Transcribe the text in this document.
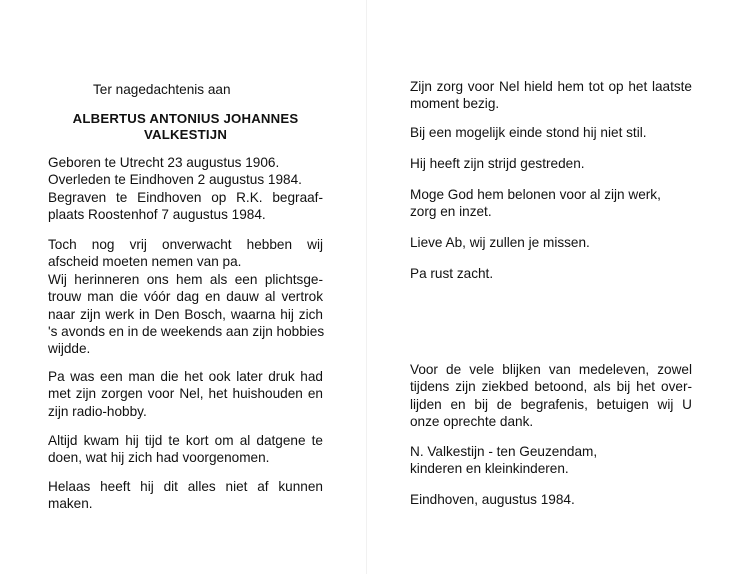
Ter nagedachtenis aan

ALBERTUS ANTONIUS JOHANNES
VALKESTIJN

Geboren te Utrecht 23 augustus 1906.
Overleden te Eindhoven 2 augustus 1984.
Begraven te Eindhoven op R.K. begraaf-
plaats Roostenhof 7 augustus 1984.

Toch nog vrij onverwacht hebben wij
afscheid moeten nemen van pa.
Wij herinneren ons hem als een plichtsge-
trouw man die vóór dag en dauw al vertrok
naar zijn werk in Den Bosch, waarna hij zich
's avonds en in de weekends aan zijn hobbies
wijdde.

Pa was een man die het ook later druk had
met zijn zorgen voor Nel, het huishouden en
zijn radio-hobby.

Altijd kwam hij tijd te kort om al datgene te
doen, wat hij zich had voorgenomen.

Helaas heeft hij dit alles niet af kunnen
maken.

Zijn zorg voor Nel hield hem tot op het laatste
moment bezig.

Bij een mogelijk einde stond hij niet stil.

Hij heeft zijn strijd gestreden.

Moge God hem belonen voor al zijn werk,
zorg en inzet.

Lieve Ab, wij zullen je missen.

Pa rust zacht.

Voor de vele blijken van medeleven, zowel
tijdens zijn ziekbed betoond, als bij het over-
lijden en bij de begrafenis, betuigen wij U
onze oprechte dank.

N. Valkestijn - ten Geuzendam,
kinderen en kleinkinderen.

Eindhoven, augustus 1984.
